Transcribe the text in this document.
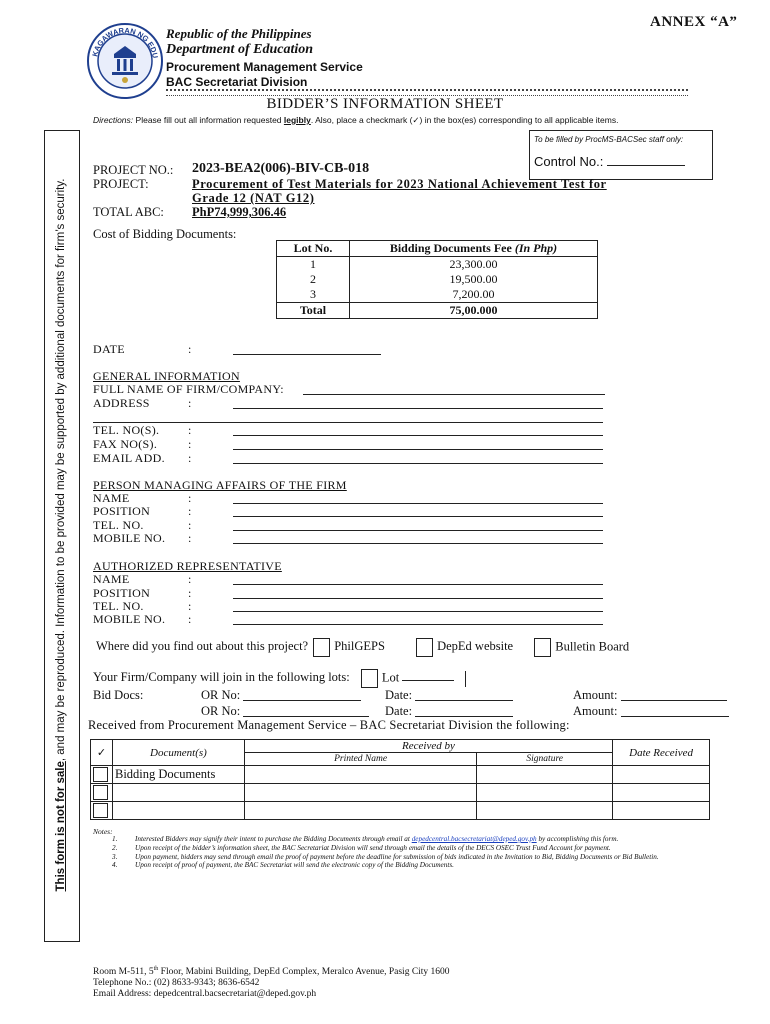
ANNEX “A”
KAGAWARAN NG EDU
Republic of the Philippines
Department of Education
Procurement Management Service
BAC Secretariat Division
This form is not for sale, and may be reproduced. Information to be provided may be supported by additional documents for firm’s security.
BIDDER’S INFORMATION SHEET
Directions: Please fill out all information requested legibly. Also, place a checkmark (✓) in the box(es) corresponding to all applicable items.
To be filled by ProcMS-BACSec staff only:
Control No.:
PROJECT NO.: 2023-BEA2(006)-BIV-CB-018
PROJECT:	Procurement of Test Materials for 2023 National Achievement Test for
Grade 12 (NAT G12)
TOTAL ABC: PhP74,999,306.46
Cost of Bidding Documents:
Lot No.	Bidding Documents Fee (In Php)
1	23,300.00
2	19,500.00
3	7,200.00
Total	75,00.000
DATE	:
GENERAL INFORMATION
FULL NAME OF FIRM/COMPANY:
ADDRESS	:
TEL. NO(S). :
FAX NO(S).	:
EMAIL ADD. :
PERSON MANAGING AFFAIRS OF THE FIRM
NAME	:
POSITION	:
TEL. NO.	:
MOBILE NO. :
AUTHORIZED REPRESENTATIVE
NAME	:
POSITION	:
TEL. NO.	:
MOBILE NO. :
Where did you find out about this project? PhilGEPS	DepEd website	Bulletin Board
Your Firm/Company will join in the following lots:	Lot
Bid Docs:	OR No:	Date:	Amount:
OR No:	Date:	Amount:
Received from Procurement Management Service – BAC Secretariat Division the following:
✓	Document(s)	Received by		Date Received
		Printed Name	Signature	
	Bidding Documents			

Notes:
1.	Interested Bidders may signify their intent to purchase the Bidding Documents through email at depedcentral.bacsecretariat@deped.gov.ph by accomplishing this form.
2.	Upon receipt of the bidder’s information sheet, the BAC Secretariat Division will send through email the details of the DECS OSEC Trust Fund Account for payment.
3.	Upon payment, bidders may send through email the proof of payment before the deadline for submission of bids indicated in the Invitation to Bid, Bidding Documents or Bid Bulletin.
4.	Upon receipt of proof of payment, the BAC Secretariat will send the electronic copy of the Bidding Documents.
Room M-511, 5th Floor, Mabini Building, DepEd Complex, Meralco Avenue, Pasig City 1600
Telephone No.: (02) 8633-9343; 8636-6542
Email Address: depedcentral.bacsecretariat@deped.gov.ph
